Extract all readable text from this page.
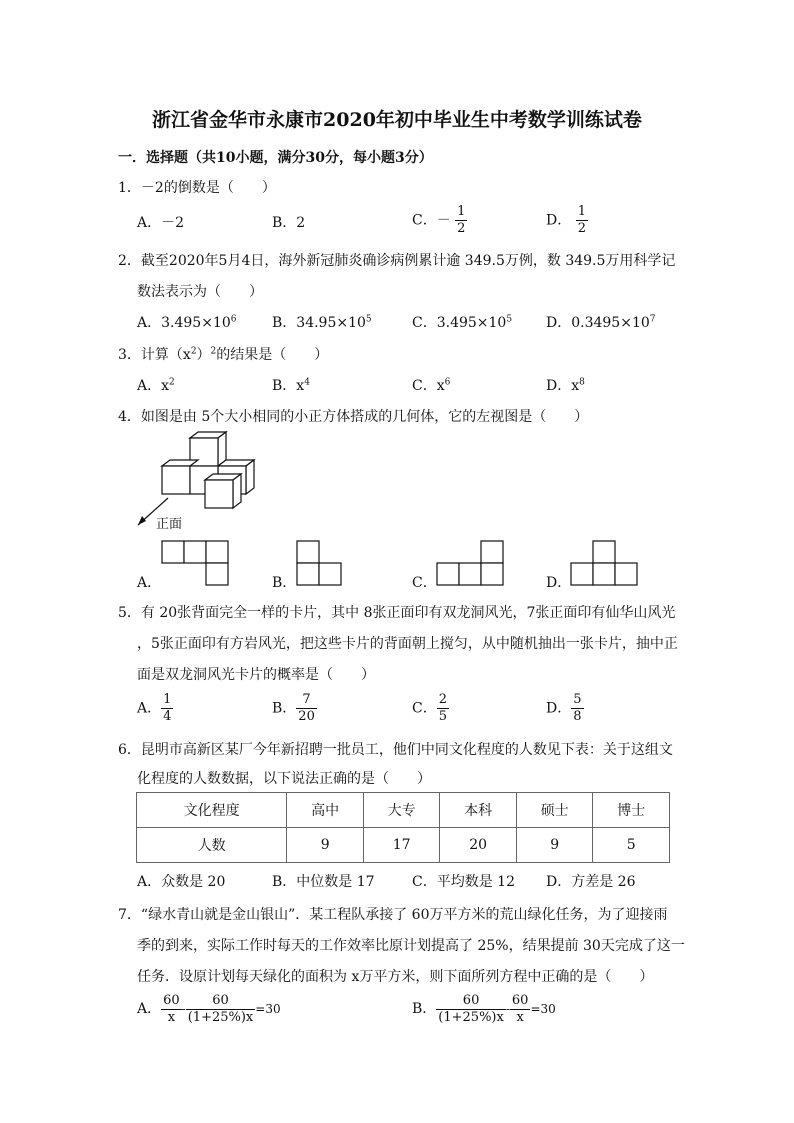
浙江省金华市永康市2020年初中毕业生中考数学训练试卷
一．选择题（共10小题，满分30分，每小题3分）
1．－2的倒数是（　　）
A．－2	B．2	C．－ $\frac{1}{2}$	D． $\frac{1}{2}$
2．截至2020年5月4日，海外新冠肺炎确诊病例累计逾 349.5万例，数 349.5万用科学记
数法表示为（　　）
A．$3.495\times 10^6$	B．$34.95\times 10^5$	C．$3.495\times 10^5$ D．$0.3495\times 10^7$
3．计算$(x^2)^2$的结果是（　　）
A．$x^2$	B．$x^4$	C．$x^6$	D．$x^8$
4．如图是由 5个大小相同的小正方体搭成的几何体，它的左视图是（　　）
正面
A．	B．	C．	D．
5．有 20张背面完全一样的卡片，其中 8张正面印有双龙洞风光，7张正面印有仙华山风光
，5张正面印有方岩风光，把这些卡片的背面朝上搅匀，从中随机抽出一张卡片，抽中正
面是双龙洞风光卡片的概率是（　　）
A． $\frac{1}{4}$	B． $\frac{7}{20}$	C． $\frac{2}{5}$	D． $\frac{5}{8}$
6．昆明市高新区某厂今年新招聘一批员工，他们中同文化程度的人数见下表：关于这组文
化程度的人数数据，以下说法正确的是（　　）
文化程度	高中	大专	本科	硕士	博士
人数	9	17	20	9	5
A．众数是 20	B．中位数是 17	C．平均数是 12 D．方差是 26
7．“绿水青山就是金山银山”．某工程队承接了 60万平方米的荒山绿化任务，为了迎接雨
季的到来，实际工作时每天的工作效率比原计划提高了 25%，结果提前 30天完成了这一
任务．设原计划每天绿化的面积为 x万平方米，则下面所列方程中正确的是（　　）
A． $\frac{60}{x} - \frac{60}{(1+25\%)x} =30$	B． $\frac{60}{(1+25\%)x} - \frac{60}{x} =30$
